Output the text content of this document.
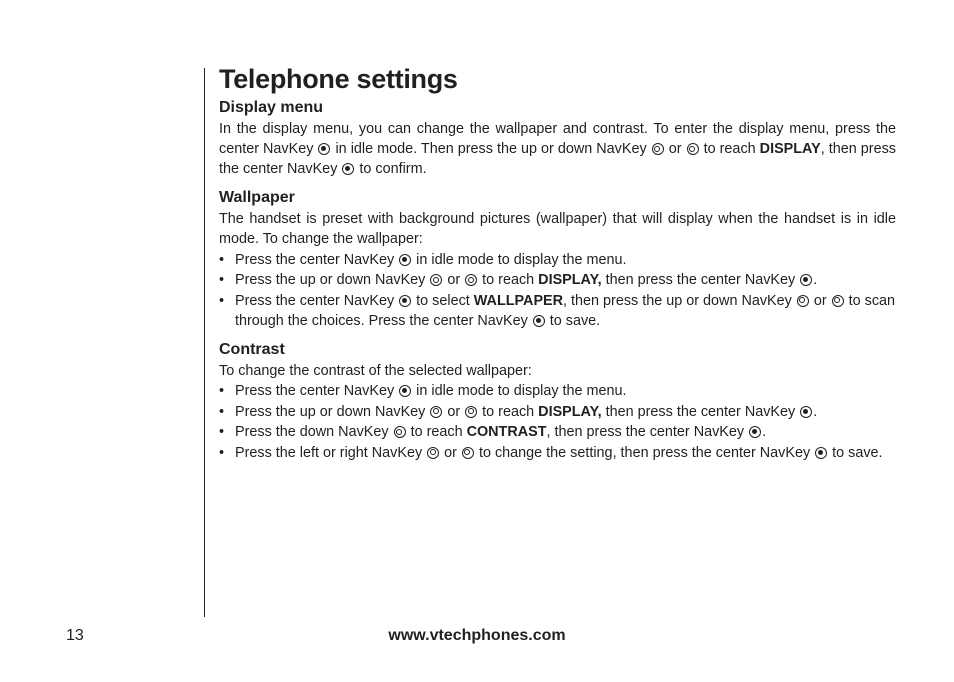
Telephone settings
Display menu

In the display menu, you can change the wallpaper and contrast. To enter the display menu, press the center NavKey in idle mode. Then press the up or down NavKey or to reach DISPLAY, then press the center NavKey to confirm.

Wallpaper

The handset is preset with background pictures (wallpaper) that will display when the handset is in idle mode. To change the wallpaper:

• Press the center NavKey in idle mode to display the menu.
• Press the up or down NavKey or to reach DISPLAY, then press the center NavKey .
• Press the center NavKey to select WALLPAPER, then press the up or down NavKey or to scan through the choices. Press the center NavKey to save.
Contrast

To change the contrast of the selected wallpaper:

• Press the center NavKey in idle mode to display the menu.
• Press the up or down NavKey or to reach DISPLAY, then press the center NavKey .
• Press the down NavKey to reach CONTRAST, then press the center NavKey .
• Press the left or right NavKey or to change the setting, then press the center NavKey to save.
13	www.vtechphones.com
